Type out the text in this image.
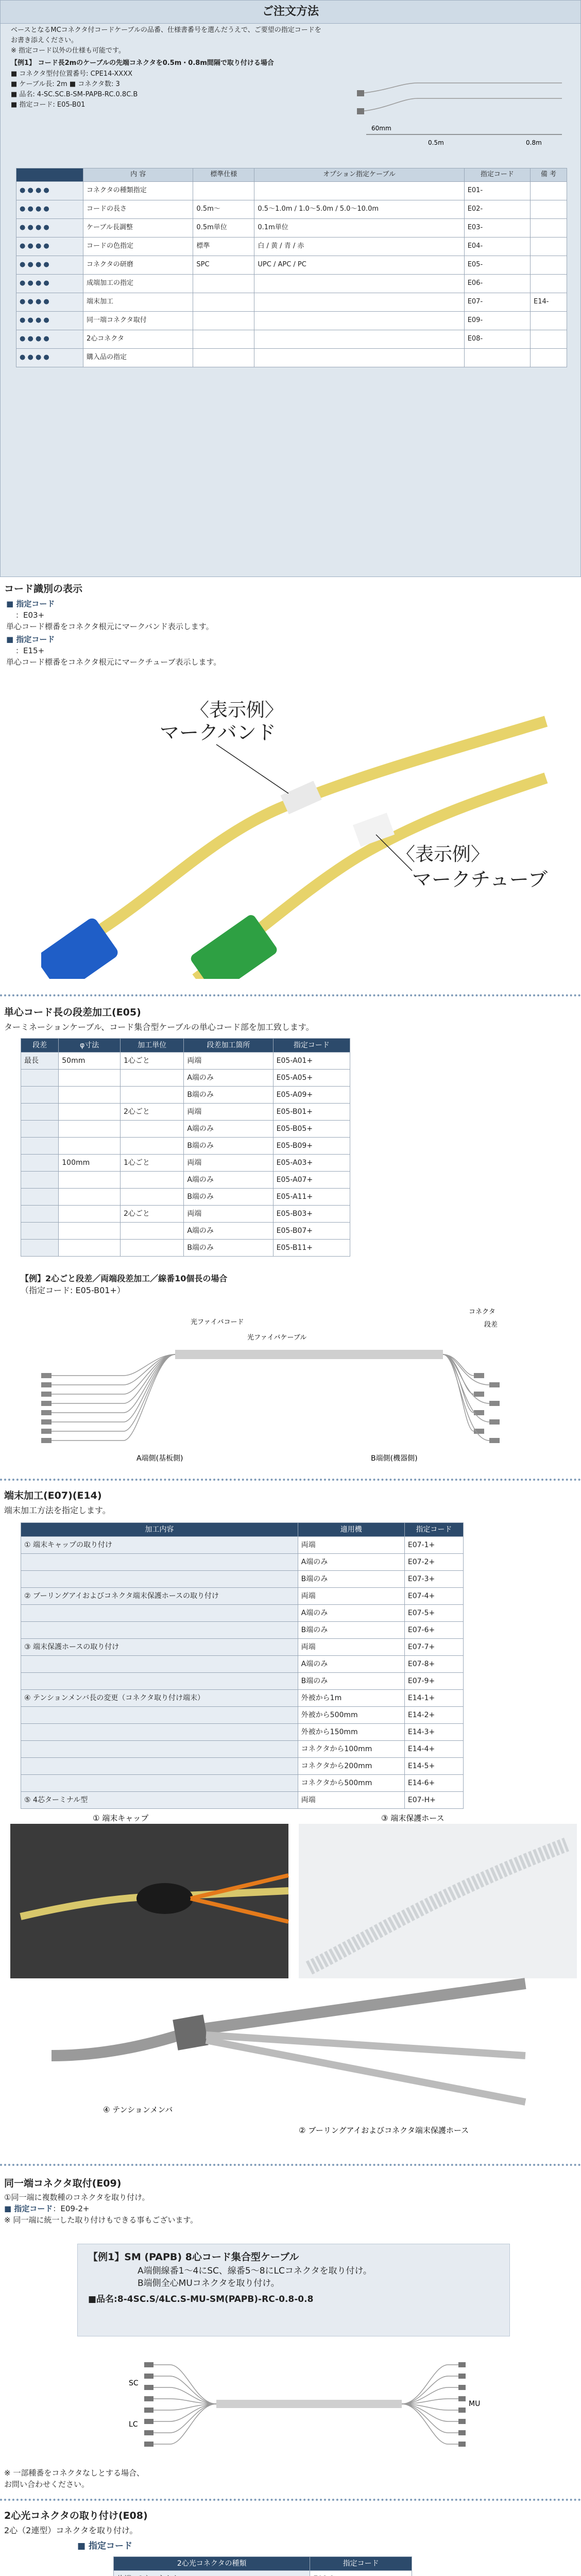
ご注文方法

ベースとなるMCコネクタ付コードケーブルの品番、仕様書番号を選んだうえで、ご要望の指定コードを

お書き添えください。

※ 指定コード以外の仕様も可能です。

【例1】 コード長2mのケーブルの先端コネクタを0.5m・0.8m間隔で取り付ける場合

■ コネクタ型付位置番号: CPE14-XXXX

■ ケーブル長: 2m ■ コネクタ数: 3

■ 品名: 4-SC.SC.B-SM-PAPB-RC.0.8C.B

■ 指定コード: E05-B01

60mm
0.5m	0.8m
	内 容	標準仕様	オプション指定ケーブル	指定コード	備 考
● ● ● ●	コネクタの種類指定			E01-	
● ● ● ●	コードの長さ	0.5m〜	0.5〜1.0m / 1.0〜5.0m / 5.0〜10.0m	E02-	
● ● ● ●	ケーブル長調整	0.5m単位	0.1m単位	E03-	
● ● ● ●	コードの色指定	標準	白 / 黄 / 青 / 赤	E04-	
● ● ● ●	コネクタの研磨	SPC	UPC / APC / PC	E05-	
● ● ● ●	成端加工の指定			E06-	
● ● ● ●	端末加工			E07-	E14-
● ● ● ●	同一端コネクタ取付			E09-	
● ● ● ●	2心コネクタ			E08-	
● ● ● ●	購入品の指定				
コード識別の表示
■ 指定コード
：E03+
単心コード標番をコネクタ根元にマークバンド表示します。
■ 指定コード
：E15+
単心コード標番をコネクタ根元にマークチューブ表示します。
〈表示例〉
マークバンド
〈表示例〉
マークチューブ
単心コード長の段差加工(E05)
ターミネーションケーブル、コード集合型ケーブルの単心コード部を加工致します。
段差	φ寸法	加工単位	段差加工箇所	指定コード
最長	50mm	1心ごと	両端	E05-A01+
			A端のみ	E05-A05+
			B端のみ	E05-A09+
		2心ごと	両端	E05-B01+
			A端のみ	E05-B05+
			B端のみ	E05-B09+
	100mm	1心ごと	両端	E05-A03+
			A端のみ	E05-A07+
			B端のみ	E05-A11+
		2心ごと	両端	E05-B03+
			A端のみ	E05-B07+
			B端のみ	E05-B11+
【例】2心ごと段差／両端段差加工／線番10個長の場合
（指定コード: E05-B01+）
A端側(基板側)	B端側(機器側)
光ファイバケーブル
光ファイバコード
コネクタ
段差
端末加工(E07)(E14)
端末加工方法を指定します。
加工内容	適用機	指定コード
① 端末キャップの取り付け	両端	E07-1+
	A端のみ	E07-2+
	B端のみ	E07-3+
② ブーリングアイおよびコネクタ端末保護ホースの取り付け	両端	E07-4+
	A端のみ	E07-5+
	B端のみ	E07-6+
③ 端末保護ホースの取り付け	両端	E07-7+
	A端のみ	E07-8+
	B端のみ	E07-9+
④ テンションメンバ長の変更（コネクタ取り付け端末）	外被から1m	E14-1+
	外被から500mm	E14-2+
	外被から150mm	E14-3+
	コネクタから100mm	E14-4+
	コネクタから200mm	E14-5+
	コネクタから500mm	E14-6+
⑤ 4芯ターミナル型	両端	E07-H+
① 端末キャップ	③ 端末保護ホース
④ テンションメンバ
② ブーリングアイおよびコネクタ端末保護ホース
同一端コネクタ取付(E09)
①同一端に複数種のコネクタを取り付け。
■ 指定コード：E09-2+
※ 同一端に統一した取り付けもできる事もございます。
【例1】SM (PAPB) 8心コード集合型ケーブル
A端側線番1〜4にSC、線番5〜8にLCコネクタを取り付け。
B端側全心MUコネクタを取り付け。
■品名:8-4SC.S/4LC.S-MU-SM(PAPB)-RC-0.8-0.8
SC
LC
MU
※ 一部種番をコネクタなしとする場合、
お問い合わせください。
2心光コネクタの取り付け(E08)
2心（2連型）コネクタを取り付け。
■ 指定コード
2心光コネクタの種類	指定コード
